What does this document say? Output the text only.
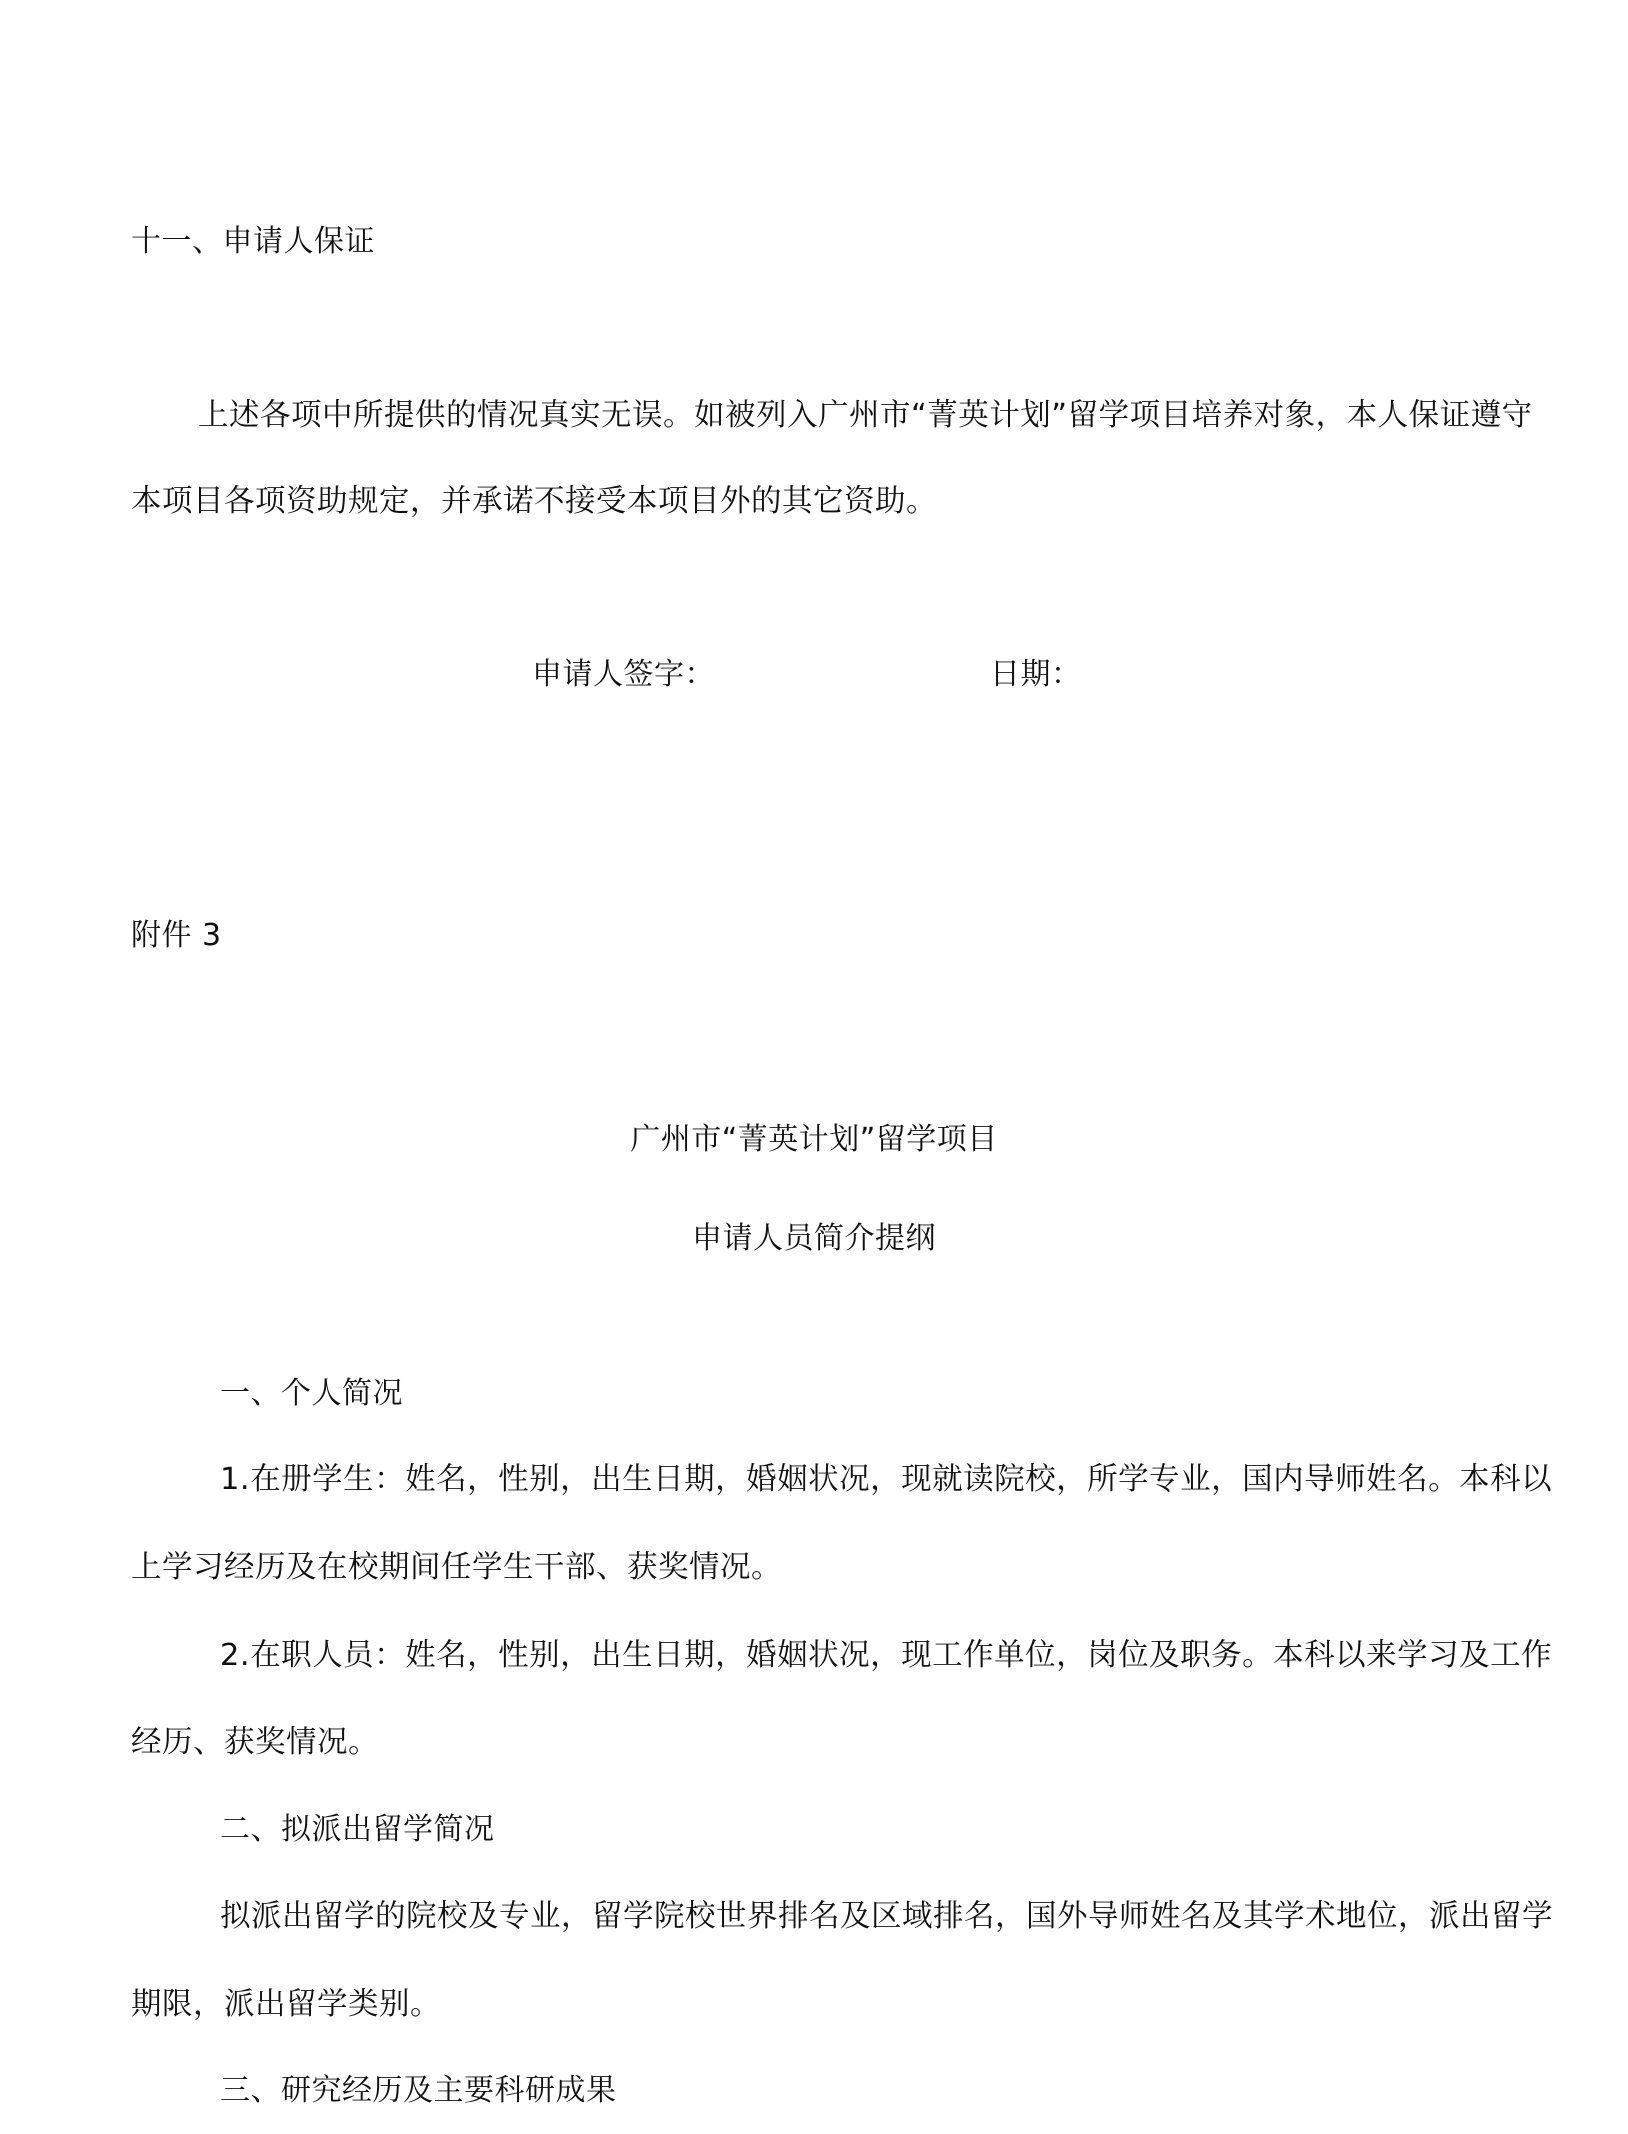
十一、申请人保证

上述各项中所提供的情况真实无误。如被列入广州市“菁英计划”留学项目培养对象，本人保证遵守

本项目各项资助规定，并承诺不接受本项目外的其它资助。

申请人签字：	日期：

附件 3

广州市“菁英计划”留学项目

申请人员简介提纲

一、个人简况

1.在册学生：姓名，性别，出生日期，婚姻状况，现就读院校，所学专业，国内导师姓名。本科以

上学习经历及在校期间任学生干部、获奖情况。

2.在职人员：姓名，性别，出生日期，婚姻状况，现工作单位，岗位及职务。本科以来学习及工作

经历、获奖情况。

二、拟派出留学简况

拟派出留学的院校及专业，留学院校世界排名及区域排名，国外导师姓名及其学术地位，派出留学

期限，派出留学类别。

三、研究经历及主要科研成果
